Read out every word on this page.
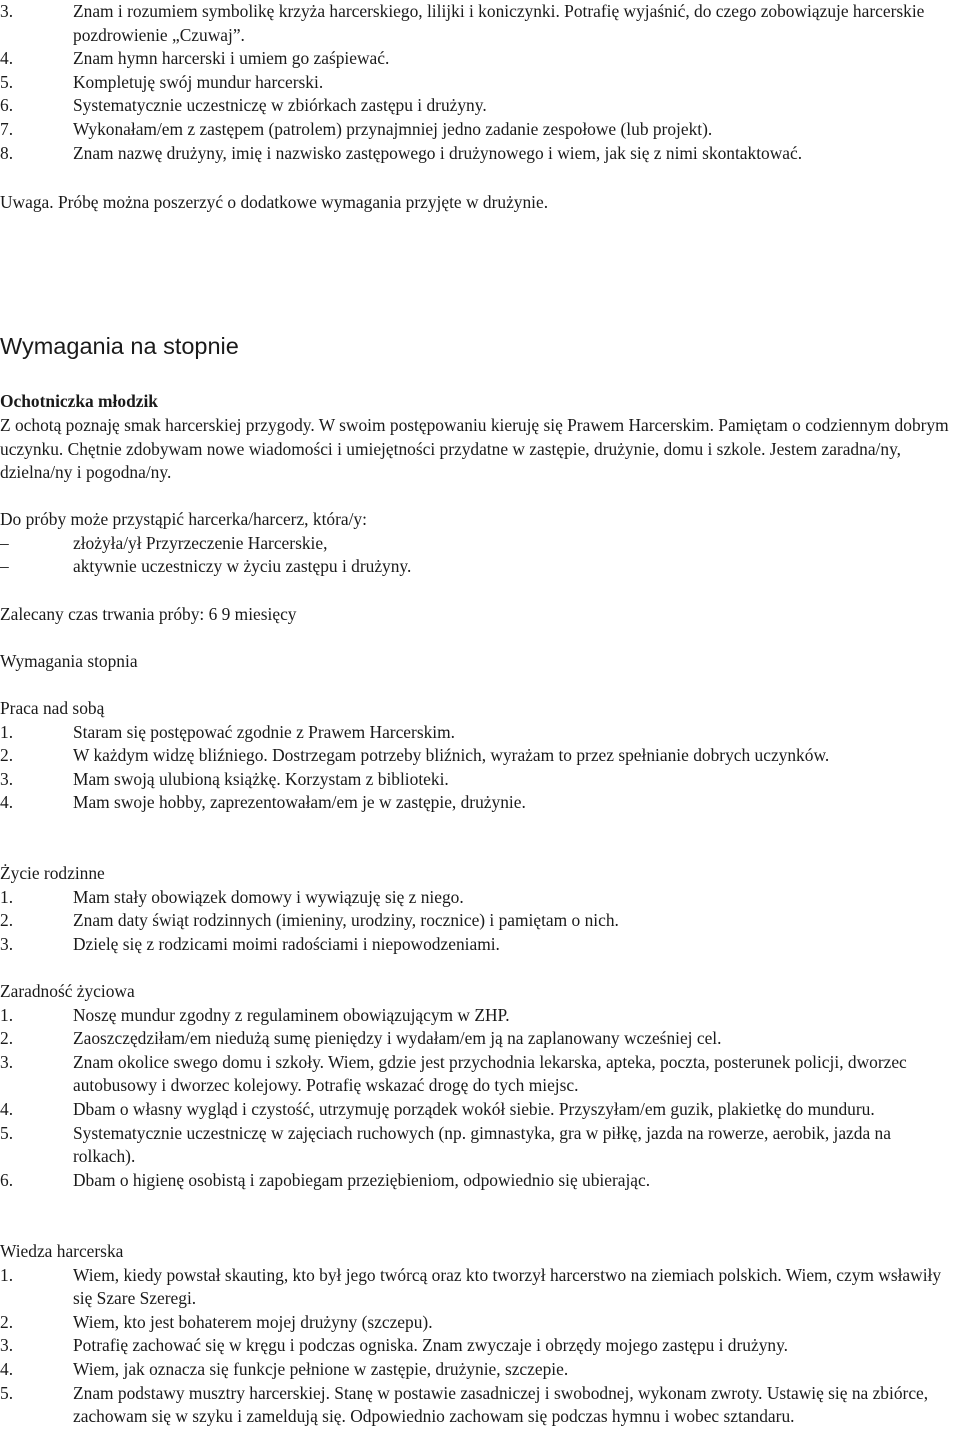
3.	Znam i rozumiem symbolikę krzyża harcerskiego, lilijki i koniczynki. Potrafię wyjaśnić, do czego zobowiązuje harcerskie pozdrowienie „Czuwaj”.
4.	Znam hymn harcerski i umiem go zaśpiewać.
5.	Kompletuję swój mundur harcerski.
6.	Systematycznie uczestniczę w zbiórkach zastępu i drużyny.
7.	Wykonałam/em z zastępem (patrolem) przynajmniej jedno zadanie zespołowe (lub projekt).
8.	Znam nazwę drużyny, imię i nazwisko zastępowego i drużynowego i wiem, jak się z nimi skontaktować.

Uwaga. Próbę można poszerzyć o dodatkowe wymagania przyjęte w drużynie.

Wymagania na stopnie
Ochotniczka młodzik

Z ochotą poznaję smak harcerskiej przygody. W swoim postępowaniu kieruję się Prawem Harcerskim. Pamiętam o codziennym dobrym uczynku. Chętnie zdobywam nowe wiadomości i umiejętności przydatne w zastępie, drużynie, domu i szkole. Jestem zaradna/ny, dzielna/ny i pogodna/ny.

Do próby może przystąpić harcerka/harcerz, która/y:
–	złożyła/ył Przyrzeczenie Harcerskie,
–	aktywnie uczestniczy w życiu zastępu i drużyny.
Zalecany czas trwania próby: 6 9 miesięcy
Wymagania stopnia
Praca nad sobą
1.	Staram się postępować zgodnie z Prawem Harcerskim.
2.	W każdym widzę bliźniego. Dostrzegam potrzeby bliźnich, wyrażam to przez spełnianie dobrych uczynków.
3.	Mam swoją ulubioną książkę. Korzystam z biblioteki.
4.	Mam swoje hobby, zaprezentowałam/em je w zastępie, drużynie.
Życie rodzinne
1.	Mam stały obowiązek domowy i wywiązuję się z niego.
2.	Znam daty świąt rodzinnych (imieniny, urodziny, rocznice) i pamiętam o nich.
3.	Dzielę się z rodzicami moimi radościami i niepowodzeniami.
Zaradność życiowa
1.	Noszę mundur zgodny z regulaminem obowiązującym w ZHP.
2.	Zaoszczędziłam/em niedużą sumę pieniędzy i wydałam/em ją na zaplanowany wcześniej cel.
3.	Znam okolice swego domu i szkoły. Wiem, gdzie jest przychodnia lekarska, apteka, poczta, posterunek policji, dworzec autobusowy i dworzec kolejowy. Potrafię wskazać drogę do tych miejsc.
4.	Dbam o własny wygląd i czystość, utrzymuję porządek wokół siebie. Przyszyłam/em guzik, plakietkę do munduru.
5.	Systematycznie uczestniczę w zajęciach ruchowych (np. gimnastyka, gra w piłkę, jazda na rowerze, aerobik, jazda na rolkach).
6.	Dbam o higienę osobistą i zapobiegam przeziębieniom, odpowiednio się ubierając.
Wiedza harcerska
1.	Wiem, kiedy powstał skauting, kto był jego twórcą oraz kto tworzył harcerstwo na ziemiach polskich. Wiem, czym wsławiły się Szare Szeregi.
2.	Wiem, kto jest bohaterem mojej drużyny (szczepu).
3.	Potrafię zachować się w kręgu i podczas ogniska. Znam zwyczaje i obrzędy mojego zastępu i drużyny.
4.	Wiem, jak oznacza się funkcje pełnione w zastępie, drużynie, szczepie.
5.	Znam podstawy musztry harcerskiej. Stanę w postawie zasadniczej i swobodnej, wykonam zwroty. Ustawię się na zbiórce, zachowam się w szyku i zameldują się. Odpowiednio zachowam się podczas hymnu i wobec sztandaru.
